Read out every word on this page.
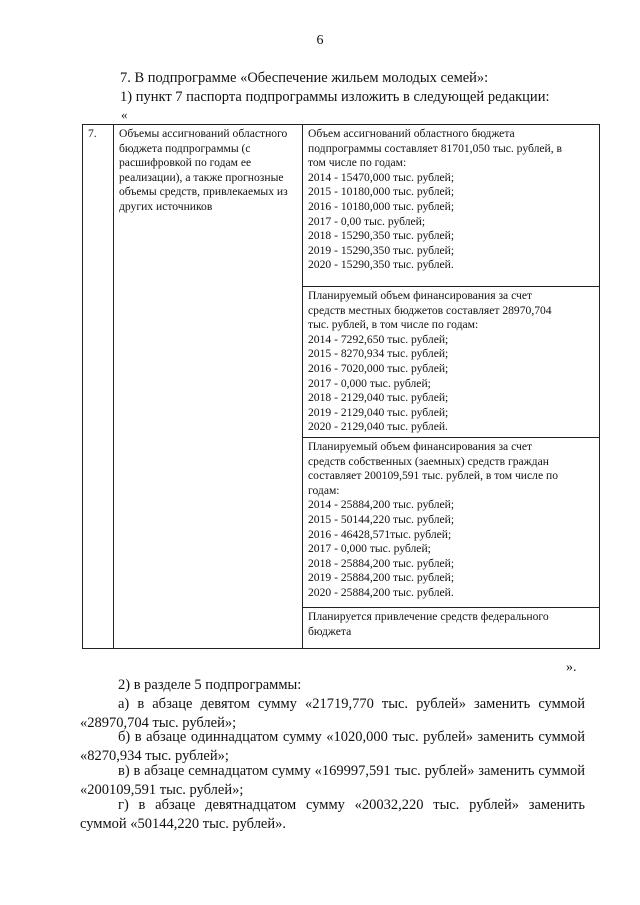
6
7. В подпрограмме «Обеспечение жильем молодых семей»:
1) пункт 7 паспорта подпрограммы изложить в следующей редакции:
«
7.	Объемы ассигнований областного бюджета подпрограммы (с расшифровкой по годам ее реализации), а также прогнозные объемы средств, привлекаемых из других источников	
Объем ассигнований областного бюджета
подпрограммы составляет 81701,050 тыс. рублей, в
том числе по годам:
2014 - 15470,000 тыс. рублей;
2015 - 10180,000 тыс. рублей;
2016 - 10180,000 тыс. рублей;
2017 - 0,00 тыс. рублей;
2018 - 15290,350 тыс. рублей;
2019 - 15290,350 тыс. рублей;
2020 - 15290,350 тыс. рублей.

Планируемый объем финансирования за счет
средств местных бюджетов составляет 28970,704
тыс. рублей, в том числе по годам:
2014 - 7292,650 тыс. рублей;
2015 - 8270,934 тыс. рублей;
2016 - 7020,000 тыс. рублей;
2017 - 0,000 тыс. рублей;
2018 - 2129,040 тыс. рублей;
2019 - 2129,040 тыс. рублей;
2020 - 2129,040 тыс. рублей.

Планируемый объем финансирования за счет
средств собственных (заемных) средств граждан
составляет 200109,591 тыс. рублей, в том числе по
годам:
2014 - 25884,200 тыс. рублей;
2015 - 50144,220 тыс. рублей;
2016 - 46428,571тыс. рублей;
2017 - 0,000 тыс. рублей;
2018 - 25884,200 тыс. рублей;
2019 - 25884,200 тыс. рублей;
2020 - 25884,200 тыс. рублей.

Планируется привлечение средств федерального
бюджета
».
2) в разделе 5 подпрограммы:
а) в абзаце девятом сумму «21719,770 тыс. рублей» заменить суммой «28970,704 тыс. рублей»;
б) в абзаце одиннадцатом сумму «1020,000 тыс. рублей» заменить суммой «8270,934 тыс. рублей»;
в) в абзаце семнадцатом сумму «169997,591 тыс. рублей» заменить суммой «200109,591 тыс. рублей»;
г) в абзаце девятнадцатом сумму «20032,220 тыс. рублей» заменить суммой «50144,220 тыс. рублей».
